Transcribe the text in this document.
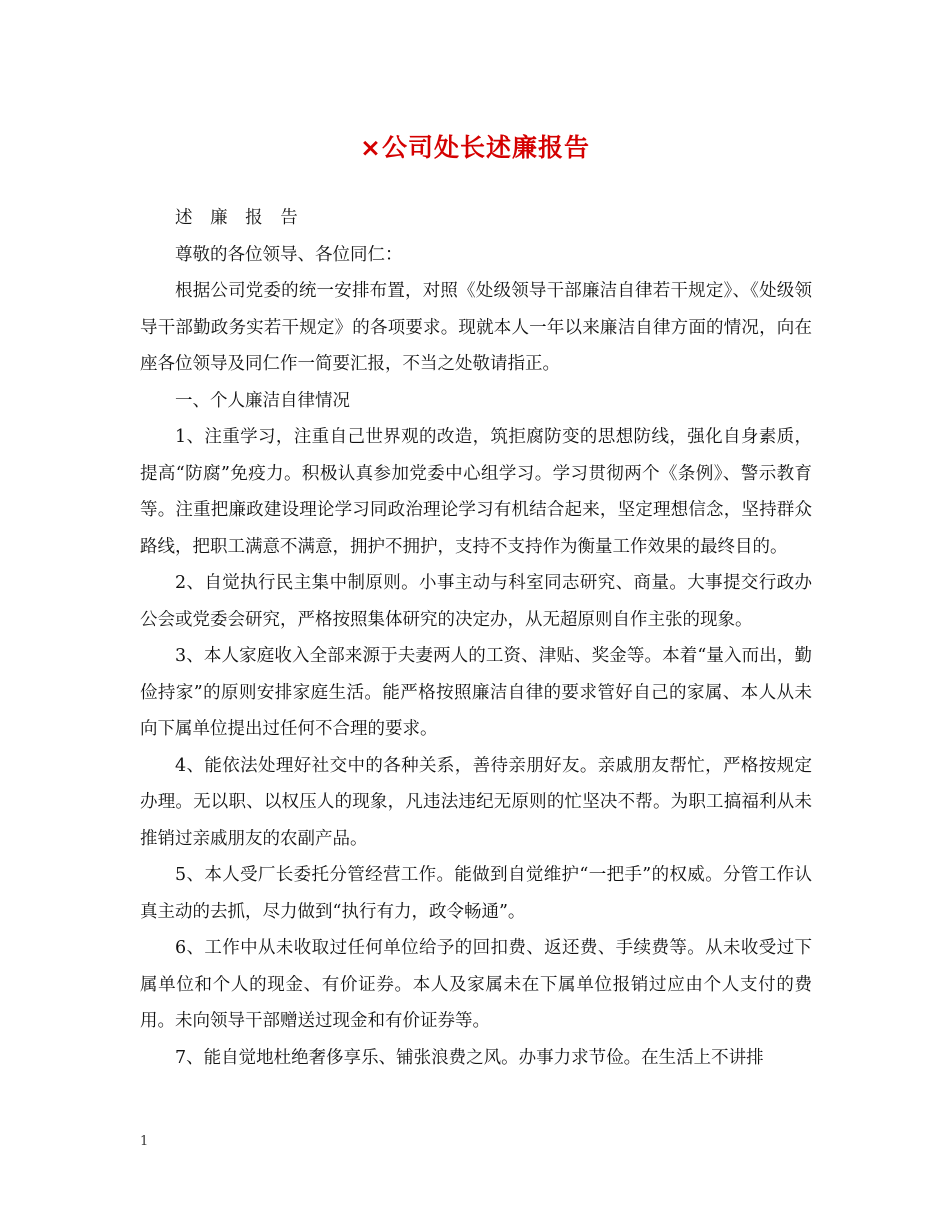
×公司处长述廉报告

述 廉 报 告

尊敬的各位领导、各位同仁：

根据公司党委的统一安排布置，对照《处级领导干部廉洁自律若干规定》、《处级领导干部勤政务实若干规定》的各项要求。现就本人一年以来廉洁自律方面的情况，向在座各位领导及同仁作一简要汇报，不当之处敬请指正。

一、个人廉洁自律情况

1、注重学习，注重自己世界观的改造，筑拒腐防变的思想防线，强化自身素质，提高“防腐”免疫力。积极认真参加党委中心组学习。学习贯彻两个《条例》、警示教育等。注重把廉政建设理论学习同政治理论学习有机结合起来，坚定理想信念，坚持群众路线，把职工满意不满意，拥护不拥护，支持不支持作为衡量工作效果的最终目的。

2、自觉执行民主集中制原则。小事主动与科室同志研究、商量。大事提交行政办公会或党委会研究，严格按照集体研究的决定办，从无超原则自作主张的现象。

3、本人家庭收入全部来源于夫妻两人的工资、津贴、奖金等。本着“量入而出，勤俭持家”的原则安排家庭生活。能严格按照廉洁自律的要求管好自己的家属、本人从未向下属单位提出过任何不合理的要求。

4、能依法处理好社交中的各种关系，善待亲朋好友。亲戚朋友帮忙，严格按规定办理。无以职、以权压人的现象，凡违法违纪无原则的忙坚决不帮。为职工搞福利从未推销过亲戚朋友的农副产品。

5、本人受厂长委托分管经营工作。能做到自觉维护“一把手”的权威。分管工作认真主动的去抓，尽力做到“执行有力，政令畅通”。

6、工作中从未收取过任何单位给予的回扣费、返还费、手续费等。从未收受过下属单位和个人的现金、有价证券。本人及家属未在下属单位报销过应由个人支付的费用。未向领导干部赠送过现金和有价证券等。

7、能自觉地杜绝奢侈享乐、铺张浪费之风。办事力求节俭。在生活上不讲排

1
